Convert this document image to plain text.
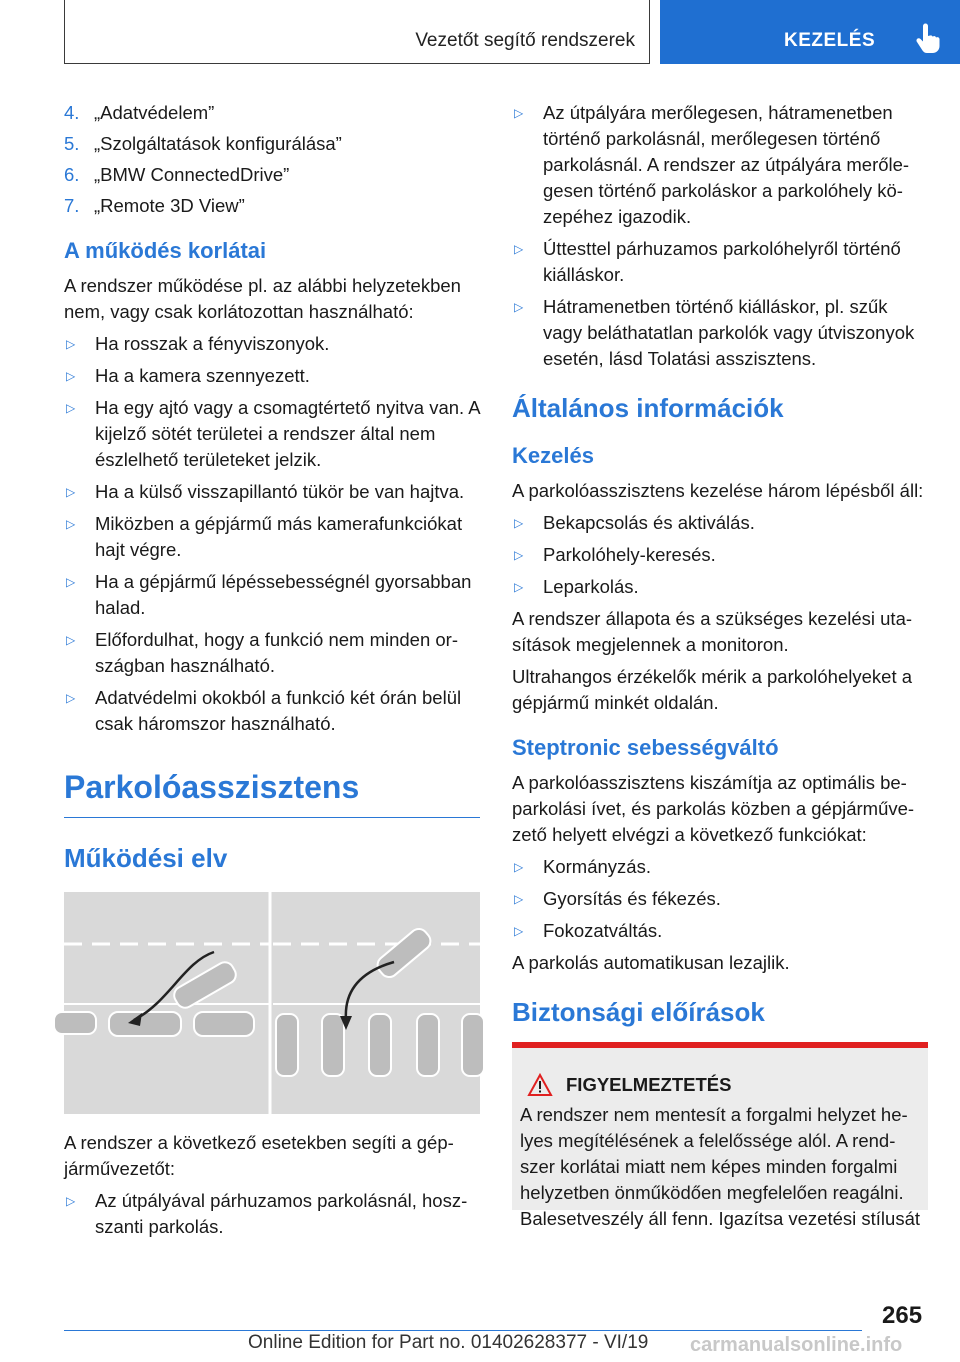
Vezetőt segítő rendszerek	KEZELÉS
4. „Adatvédelem”
5. „Szolgáltatások konfigurálása”
6. „BMW ConnectedDrive”
7. „Remote 3D View”
A működés korlátai

A rendszer működése pl. az alábbi helyzetekben nem, vagy csak korlátozottan használható:

▷	Ha rosszak a fényviszonyok.
▷	Ha a kamera szennyezett.
▷	Ha egy ajtó vagy a csomagtértető nyitva van. A kijelző sötét területei a rendszer által nem észlelhető területeket jelzik.
▷	Ha a külső visszapillantó tükör be van hajtva.
▷	Miközben a gépjármű más kamerafunkciókat hajt végre.
▷	Ha a gépjármű lépéssebességnél gyorsabban halad.
▷	Előfordulhat, hogy a funkció nem minden országban használható.
▷	Adatvédelmi okokból a funkció két órán belül csak háromszor használható.
Parkolóasszisztens
Működési elv

A rendszer a következő esetekben segíti a gépjárművezetőt:

▷	Az útpályával párhuzamos parkolásnál, hoszszanti parkolás.
▷	Az útpályára merőlegesen, hátramenetben történő parkolásnál, merőlegesen történő parkolásnál. A rendszer az útpályára merőlegesen történő parkoláskor a parkolóhely közepéhez igazodik.
▷	Úttesttel párhuzamos parkolóhelyről történő kiálláskor.
▷	Hátramenetben történő kiálláskor, pl. szűk vagy beláthatatlan parkolók vagy útviszonyok esetén, lásd Tolatási asszisztens.
Általános információk
Kezelés

A parkolóasszisztens kezelése három lépésből áll:

▷	Bekapcsolás és aktiválás.
▷	Parkolóhely-keresés.
▷	Leparkolás.

A rendszer állapota és a szükséges kezelési utasítások megjelennek a monitoron.

Ultrahangos érzékelők mérik a parkolóhelyeket a gépjármű minkét oldalán.

Steptronic sebességváltó

A parkolóasszisztens kiszámítja az optimális beparkolási ívet, és parkolás közben a gépjárművezető helyett elvégzi a következő funkciókat:

▷	Kormányzás.
▷	Gyorsítás és fékezés.
▷	Fokozatváltás.

A parkolás automatikusan lezajlik.

Biztonsági előírások
FIGYELMEZTETÉS
A rendszer nem mentesít a forgalmi helyzet helyes megítélésének a felelőssége alól. A rendszer korlátai miatt nem képes minden forgalmi helyzetben önműködően megfelelően reagálni. Balesetveszély áll fenn. Igazítsa vezetési stílusát
265
Online Edition for Part no. 01402628377 - VI/19 carmanualsonline.info
